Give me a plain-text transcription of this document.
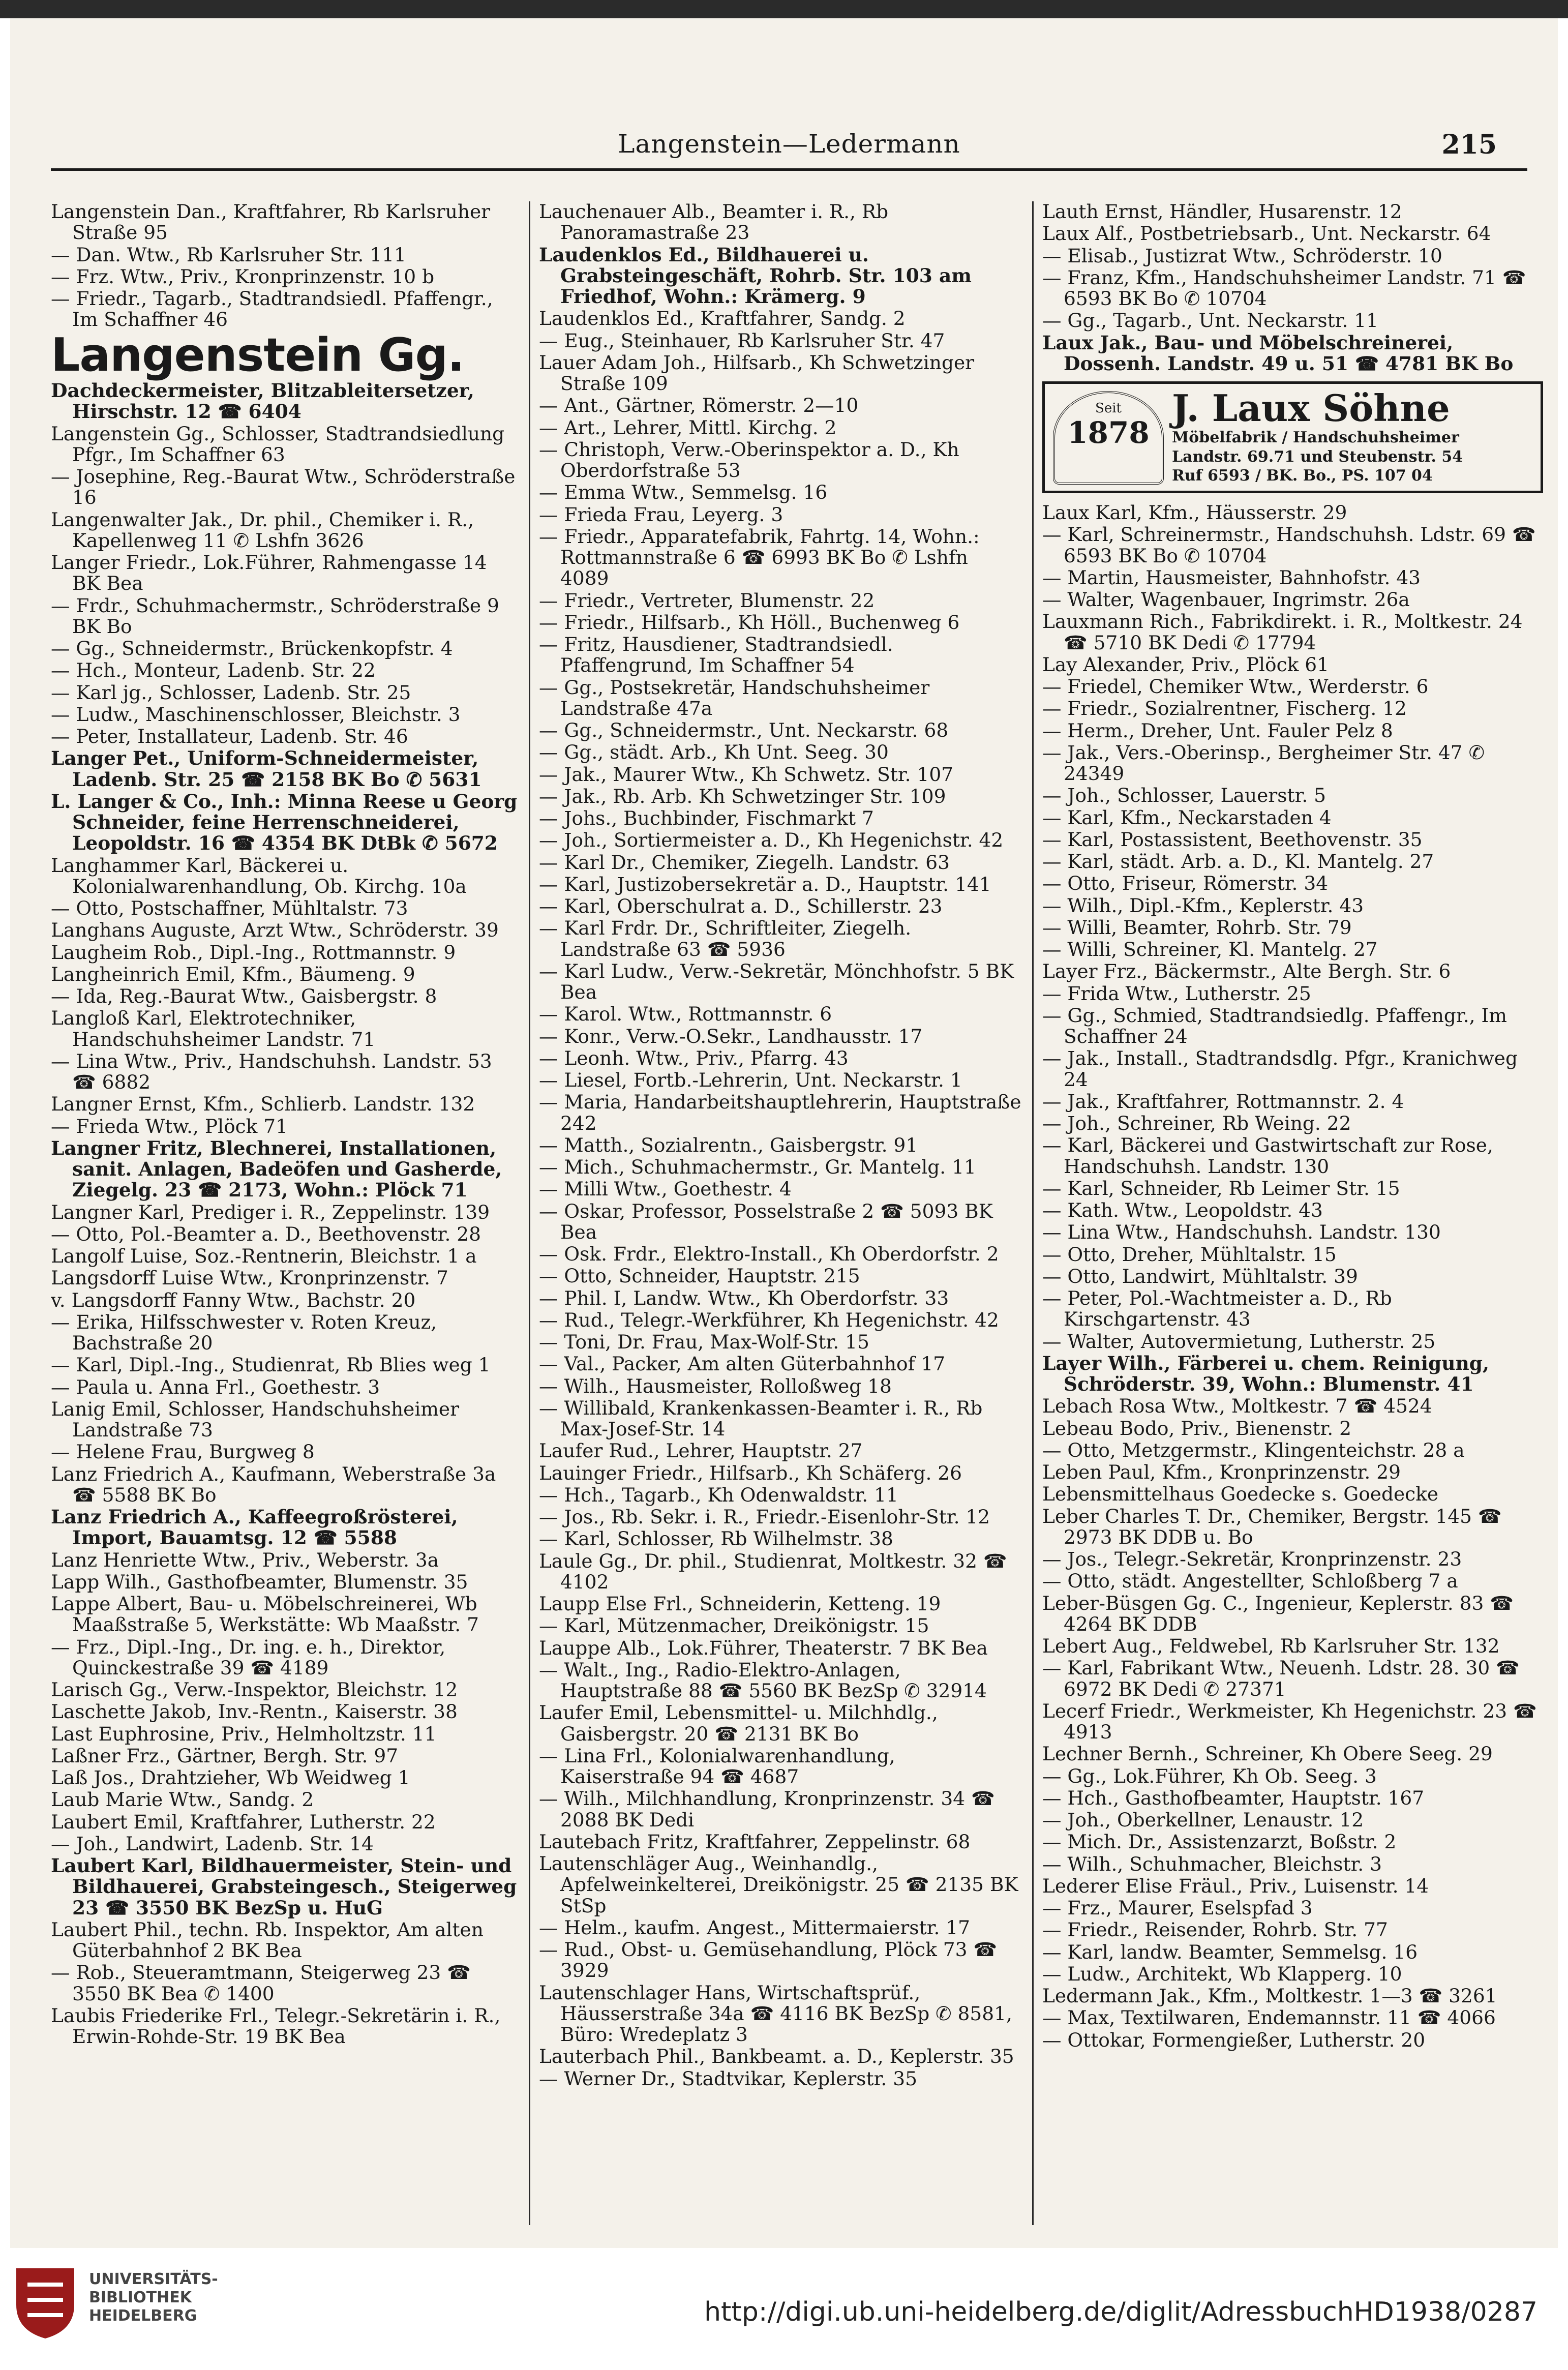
Langenstein—Ledermann	215
Langenstein Dan., Kraftfahrer, Rb Karlsruher Straße 95
— Dan. Wtw., Rb Karlsruher Str. 111
— Frz. Wtw., Priv., Kronprinzenstr. 10 b
— Friedr., Tagarb., Stadtrandsiedl. Pfaffengr., Im Schaffner 46
Langenstein Gg.
Dachdeckermeister, Blitzableitersetzer, Hirschstr. 12 ☎ 6404
Langenstein Gg., Schlosser, Stadtrandsiedlung Pfgr., Im Schaffner 63
— Josephine, Reg.-Baurat Wtw., Schröderstraße 16
Langenwalter Jak., Dr. phil., Chemiker i. R., Kapellenweg 11 ✆ Lshfn 3626
Langer Friedr., Lok.Führer, Rahmengasse 14 BK Bea
— Frdr., Schuhmachermstr., Schröderstraße 9 BK Bo
— Gg., Schneidermstr., Brückenkopfstr. 4
— Hch., Monteur, Ladenb. Str. 22
— Karl jg., Schlosser, Ladenb. Str. 25
— Ludw., Maschinenschlosser, Bleichstr. 3
— Peter, Installateur, Ladenb. Str. 46
Langer Pet., Uniform-Schneidermeister, Ladenb. Str. 25 ☎ 2158 BK Bo ✆ 5631
L. Langer & Co., Inh.: Minna Reese u Georg Schneider, feine Herrenschneiderei, Leopoldstr. 16 ☎ 4354 BK DtBk ✆ 5672
Langhammer Karl, Bäckerei u. Kolonialwarenhandlung, Ob. Kirchg. 10a
— Otto, Postschaffner, Mühltalstr. 73
Langhans Auguste, Arzt Wtw., Schröderstr. 39
Laugheim Rob., Dipl.-Ing., Rottmannstr. 9
Langheinrich Emil, Kfm., Bäumeng. 9
— Ida, Reg.-Baurat Wtw., Gaisbergstr. 8
Langloß Karl, Elektrotechniker, Handschuhsheimer Landstr. 71
— Lina Wtw., Priv., Handschuhsh. Landstr. 53 ☎ 6882
Langner Ernst, Kfm., Schlierb. Landstr. 132
— Frieda Wtw., Plöck 71
Langner Fritz, Blechnerei, Installationen, sanit. Anlagen, Badeöfen und Gasherde, Ziegelg. 23 ☎ 2173, Wohn.: Plöck 71
Langner Karl, Prediger i. R., Zeppelinstr. 139
— Otto, Pol.-Beamter a. D., Beethovenstr. 28
Langolf Luise, Soz.-Rentnerin, Bleichstr. 1 a
Langsdorff Luise Wtw., Kronprinzenstr. 7
v. Langsdorff Fanny Wtw., Bachstr. 20
— Erika, Hilfsschwester v. Roten Kreuz, Bachstraße 20
— Karl, Dipl.-Ing., Studienrat, Rb Blies weg 1
— Paula u. Anna Frl., Goethestr. 3
Lanig Emil, Schlosser, Handschuhsheimer Landstraße 73
— Helene Frau, Burgweg 8
Lanz Friedrich A., Kaufmann, Weberstraße 3a ☎ 5588 BK Bo
Lanz Friedrich A., Kaffeegroßrösterei, Import, Bauamtsg. 12 ☎ 5588
Lanz Henriette Wtw., Priv., Weberstr. 3a
Lapp Wilh., Gasthofbeamter, Blumenstr. 35
Lappe Albert, Bau- u. Möbelschreinerei, Wb Maaßstraße 5, Werkstätte: Wb Maaßstr. 7
— Frz., Dipl.-Ing., Dr. ing. e. h., Direktor, Quinckestraße 39 ☎ 4189
Larisch Gg., Verw.-Inspektor, Bleichstr. 12
Laschette Jakob, Inv.-Rentn., Kaiserstr. 38
Last Euphrosine, Priv., Helmholtzstr. 11
Laßner Frz., Gärtner, Bergh. Str. 97
Laß Jos., Drahtzieher, Wb Weidweg 1
Laub Marie Wtw., Sandg. 2
Laubert Emil, Kraftfahrer, Lutherstr. 22
— Joh., Landwirt, Ladenb. Str. 14
Laubert Karl, Bildhauermeister, Stein- und Bildhauerei, Grabsteingesch., Steigerweg 23 ☎ 3550 BK BezSp u. HuG
Laubert Phil., techn. Rb. Inspektor, Am alten Güterbahnhof 2 BK Bea
— Rob., Steueramtmann, Steigerweg 23 ☎ 3550 BK Bea ✆ 1400
Laubis Friederike Frl., Telegr.-Sekretärin i. R., Erwin-Rohde-Str. 19 BK Bea
Lauchenauer Alb., Beamter i. R., Rb Panoramastraße 23
Laudenklos Ed., Bildhauerei u. Grabsteingeschäft, Rohrb. Str. 103 am Friedhof, Wohn.: Krämerg. 9
Laudenklos Ed., Kraftfahrer, Sandg. 2
— Eug., Steinhauer, Rb Karlsruher Str. 47
Lauer Adam Joh., Hilfsarb., Kh Schwetzinger Straße 109
— Ant., Gärtner, Römerstr. 2—10
— Art., Lehrer, Mittl. Kirchg. 2
— Christoph, Verw.-Oberinspektor a. D., Kh Oberdorfstraße 53
— Emma Wtw., Semmelsg. 16
— Frieda Frau, Leyerg. 3
— Friedr., Apparatefabrik, Fahrtg. 14, Wohn.: Rottmannstraße 6 ☎ 6993 BK Bo ✆ Lshfn 4089
— Friedr., Vertreter, Blumenstr. 22
— Friedr., Hilfsarb., Kh Höll., Buchenweg 6
— Fritz, Hausdiener, Stadtrandsiedl. Pfaffengrund, Im Schaffner 54
— Gg., Postsekretär, Handschuhsheimer Landstraße 47a
— Gg., Schneidermstr., Unt. Neckarstr. 68
— Gg., städt. Arb., Kh Unt. Seeg. 30
— Jak., Maurer Wtw., Kh Schwetz. Str. 107
— Jak., Rb. Arb. Kh Schwetzinger Str. 109
— Johs., Buchbinder, Fischmarkt 7
— Joh., Sortiermeister a. D., Kh Hegenichstr. 42
— Karl Dr., Chemiker, Ziegelh. Landstr. 63
— Karl, Justizobersekretär a. D., Hauptstr. 141
— Karl, Oberschulrat a. D., Schillerstr. 23
— Karl Frdr. Dr., Schriftleiter, Ziegelh. Landstraße 63 ☎ 5936
— Karl Ludw., Verw.-Sekretär, Mönchhofstr. 5 BK Bea
— Karol. Wtw., Rottmannstr. 6
— Konr., Verw.-O.Sekr., Landhausstr. 17
— Leonh. Wtw., Priv., Pfarrg. 43
— Liesel, Fortb.-Lehrerin, Unt. Neckarstr. 1
— Maria, Handarbeitshauptlehrerin, Hauptstraße 242
— Matth., Sozialrentn., Gaisbergstr. 91
— Mich., Schuhmachermstr., Gr. Mantelg. 11
— Milli Wtw., Goethestr. 4
— Oskar, Professor, Posselstraße 2 ☎ 5093 BK Bea
— Osk. Frdr., Elektro-Install., Kh Oberdorfstr. 2
— Otto, Schneider, Hauptstr. 215
— Phil. I, Landw. Wtw., Kh Oberdorfstr. 33
— Rud., Telegr.-Werkführer, Kh Hegenichstr. 42
— Toni, Dr. Frau, Max-Wolf-Str. 15
— Val., Packer, Am alten Güterbahnhof 17
— Wilh., Hausmeister, Rolloßweg 18
— Willibald, Krankenkassen-Beamter i. R., Rb Max-Josef-Str. 14
Laufer Rud., Lehrer, Hauptstr. 27
Lauinger Friedr., Hilfsarb., Kh Schäferg. 26
— Hch., Tagarb., Kh Odenwaldstr. 11
— Jos., Rb. Sekr. i. R., Friedr.-Eisenlohr-Str. 12
— Karl, Schlosser, Rb Wilhelmstr. 38
Laule Gg., Dr. phil., Studienrat, Moltkestr. 32 ☎ 4102
Laupp Else Frl., Schneiderin, Ketteng. 19
— Karl, Mützenmacher, Dreikönigstr. 15
Lauppe Alb., Lok.Führer, Theaterstr. 7 BK Bea
— Walt., Ing., Radio-Elektro-Anlagen, Hauptstraße 88 ☎ 5560 BK BezSp ✆ 32914
Laufer Emil, Lebensmittel- u. Milchhdlg., Gaisbergstr. 20 ☎ 2131 BK Bo
— Lina Frl., Kolonialwarenhandlung, Kaiserstraße 94 ☎ 4687
— Wilh., Milchhandlung, Kronprinzenstr. 34 ☎ 2088 BK Dedi
Lautebach Fritz, Kraftfahrer, Zeppelinstr. 68
Lautenschläger Aug., Weinhandlg., Apfelweinkelterei, Dreikönigstr. 25 ☎ 2135 BK StSp
— Helm., kaufm. Angest., Mittermaierstr. 17
— Rud., Obst- u. Gemüsehandlung, Plöck 73 ☎ 3929
Lautenschlager Hans, Wirtschaftsprüf., Häusserstraße 34a ☎ 4116 BK BezSp ✆ 8581, Büro: Wredeplatz 3
Lauterbach Phil., Bankbeamt. a. D., Keplerstr. 35
— Werner Dr., Stadtvikar, Keplerstr. 35
Lauth Ernst, Händler, Husarenstr. 12
Laux Alf., Postbetriebsarb., Unt. Neckarstr. 64
— Elisab., Justizrat Wtw., Schröderstr. 10
— Franz, Kfm., Handschuhsheimer Landstr. 71 ☎ 6593 BK Bo ✆ 10704
— Gg., Tagarb., Unt. Neckarstr. 11
Laux Jak., Bau- und Möbelschreinerei, Dossenh. Landstr. 49 u. 51 ☎ 4781 BK Bo
Seit
1878
J. Laux Söhne
Möbelfabrik / Handschuhsheimer
Landstr. 69.71 und Steubenstr. 54
Ruf 6593 / BK. Bo., PS. 107 04
Laux Karl, Kfm., Häusserstr. 29
— Karl, Schreinermstr., Handschuhsh. Ldstr. 69 ☎ 6593 BK Bo ✆ 10704
— Martin, Hausmeister, Bahnhofstr. 43
— Walter, Wagenbauer, Ingrimstr. 26a
Lauxmann Rich., Fabrikdirekt. i. R., Moltkestr. 24 ☎ 5710 BK Dedi ✆ 17794
Lay Alexander, Priv., Plöck 61
— Friedel, Chemiker Wtw., Werderstr. 6
— Friedr., Sozialrentner, Fischerg. 12
— Herm., Dreher, Unt. Fauler Pelz 8
— Jak., Vers.-Oberinsp., Bergheimer Str. 47 ✆ 24349
— Joh., Schlosser, Lauerstr. 5
— Karl, Kfm., Neckarstaden 4
— Karl, Postassistent, Beethovenstr. 35
— Karl, städt. Arb. a. D., Kl. Mantelg. 27
— Otto, Friseur, Römerstr. 34
— Wilh., Dipl.-Kfm., Keplerstr. 43
— Willi, Beamter, Rohrb. Str. 79
— Willi, Schreiner, Kl. Mantelg. 27
Layer Frz., Bäckermstr., Alte Bergh. Str. 6
— Frida Wtw., Lutherstr. 25
— Gg., Schmied, Stadtrandsiedlg. Pfaffengr., Im Schaffner 24
— Jak., Install., Stadtrandsdlg. Pfgr., Kranichweg 24
— Jak., Kraftfahrer, Rottmannstr. 2. 4
— Joh., Schreiner, Rb Weing. 22
— Karl, Bäckerei und Gastwirtschaft zur Rose, Handschuhsh. Landstr. 130
— Karl, Schneider, Rb Leimer Str. 15
— Kath. Wtw., Leopoldstr. 43
— Lina Wtw., Handschuhsh. Landstr. 130
— Otto, Dreher, Mühltalstr. 15
— Otto, Landwirt, Mühltalstr. 39
— Peter, Pol.-Wachtmeister a. D., Rb Kirschgartenstr. 43
— Walter, Autovermietung, Lutherstr. 25
Layer Wilh., Färberei u. chem. Reinigung, Schröderstr. 39, Wohn.: Blumenstr. 41
Lebach Rosa Wtw., Moltkestr. 7 ☎ 4524
Lebeau Bodo, Priv., Bienenstr. 2
— Otto, Metzgermstr., Klingenteichstr. 28 a
Leben Paul, Kfm., Kronprinzenstr. 29
Lebensmittelhaus Goedecke s. Goedecke
Leber Charles T. Dr., Chemiker, Bergstr. 145 ☎ 2973 BK DDB u. Bo
— Jos., Telegr.-Sekretär, Kronprinzenstr. 23
— Otto, städt. Angestellter, Schloßberg 7 a
Leber-Büsgen Gg. C., Ingenieur, Keplerstr. 83 ☎ 4264 BK DDB
Lebert Aug., Feldwebel, Rb Karlsruher Str. 132
— Karl, Fabrikant Wtw., Neuenh. Ldstr. 28. 30 ☎ 6972 BK Dedi ✆ 27371
Lecerf Friedr., Werkmeister, Kh Hegenichstr. 23 ☎ 4913
Lechner Bernh., Schreiner, Kh Obere Seeg. 29
— Gg., Lok.Führer, Kh Ob. Seeg. 3
— Hch., Gasthofbeamter, Hauptstr. 167
— Joh., Oberkellner, Lenaustr. 12
— Mich. Dr., Assistenzarzt, Boßstr. 2
— Wilh., Schuhmacher, Bleichstr. 3
Lederer Elise Fräul., Priv., Luisenstr. 14
— Frz., Maurer, Eselspfad 3
— Friedr., Reisender, Rohrb. Str. 77
— Karl, landw. Beamter, Semmelsg. 16
— Ludw., Architekt, Wb Klapperg. 10
Ledermann Jak., Kfm., Moltkestr. 1—3 ☎ 3261
— Max, Textilwaren, Endemannstr. 11 ☎ 4066
— Ottokar, Formengießer, Lutherstr. 20
UNIVERSITÄTS-
BIBLIOTHEK
HEIDELBERG	http://digi.ub.uni-heidelberg.de/diglit/AdressbuchHD1938/0287
